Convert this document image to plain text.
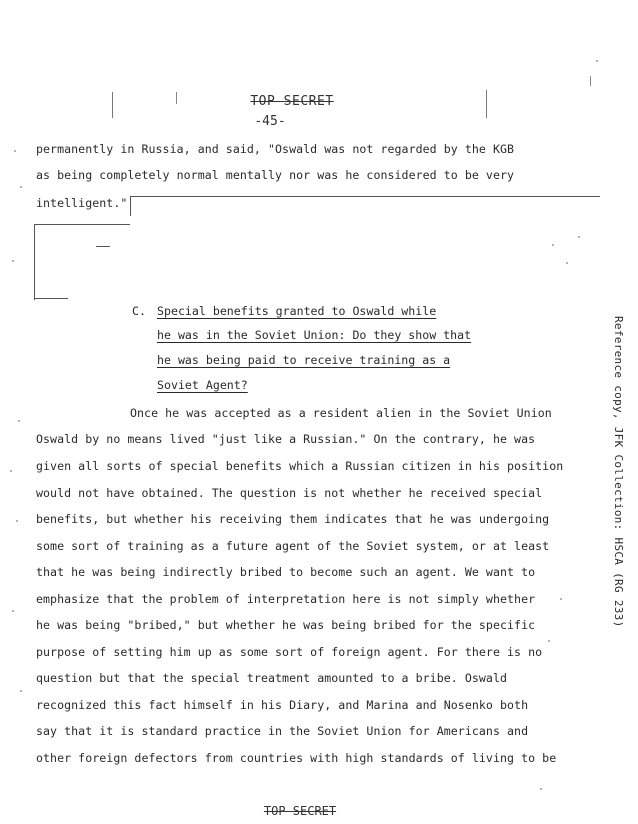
TOP SECRET
-45-
permanently in Russia, and said, "Oswald was not regarded by the KGB
as being completely normal mentally nor was he considered to be very
intelligent."
C. Special benefits granted to Oswald while
he was in the Soviet Union: Do they show that
he was being paid to receive training as a
Soviet Agent?
Once he was accepted as a resident alien in the Soviet Union
Oswald by no means lived "just like a Russian." On the contrary, he was
given all sorts of special benefits which a Russian citizen in his position
would not have obtained. The question is not whether he received special
benefits, but whether his receiving them indicates that he was undergoing
some sort of training as a future agent of the Soviet system, or at least
that he was being indirectly bribed to become such an agent. We want to
emphasize that the problem of interpretation here is not simply whether
he was being "bribed," but whether he was being bribed for the specific
purpose of setting him up as some sort of foreign agent. For there is no
question but that the special treatment amounted to a bribe. Oswald
recognized this fact himself in his Diary, and Marina and Nosenko both
say that it is standard practice in the Soviet Union for Americans and
other foreign defectors from countries with high standards of living to be
TOP SECRET
Reference copy, JFK Collection: HSCA (RG 233)
